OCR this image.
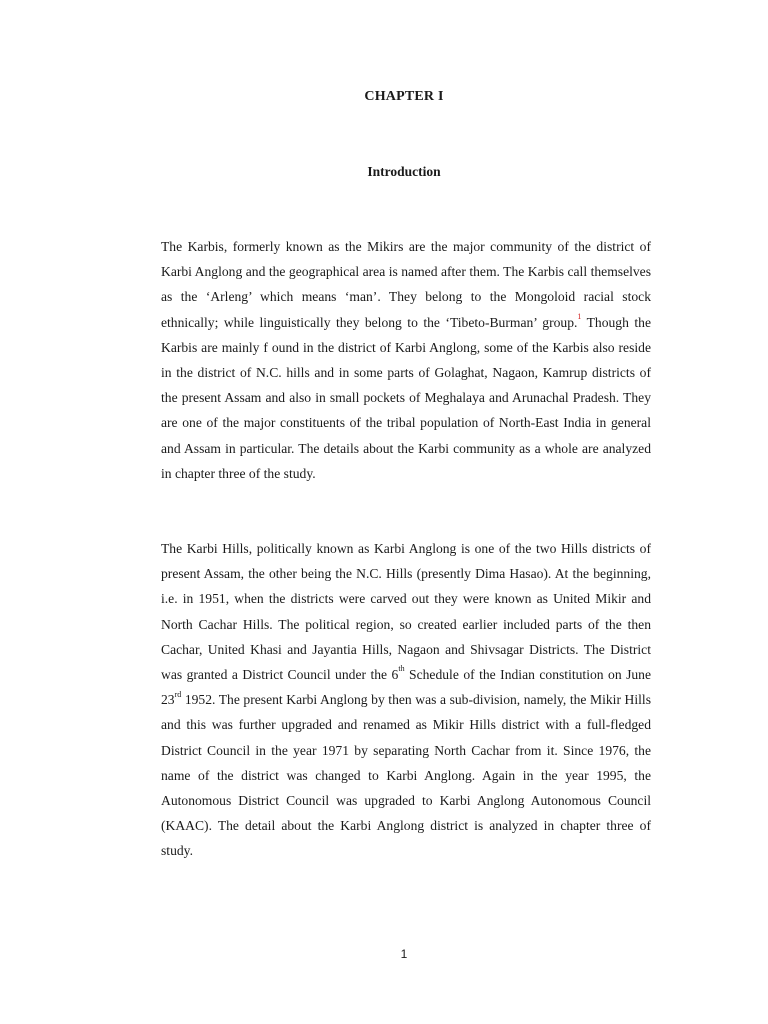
CHAPTER I
Introduction

The Karbis, formerly known as the Mikirs are the major community of the district of Karbi Anglong and the geographical area is named after them. The Karbis call themselves as the ‘Arleng’ which means ‘man’. They belong to the Mongoloid racial stock ethnically; while linguistically they belong to the ‘Tibeto-Burman’ group.$^1$ Though the Karbis are mainly f ound in the district of Karbi Anglong, some of the Karbis also reside in the district of N.C. hills and in some parts of Golaghat, Nagaon, Kamrup districts of the present Assam and also in small pockets of Meghalaya and Arunachal Pradesh. They are one of the major constituents of the tribal population of North-East India in general and Assam in particular. The details about the Karbi community as a whole are analyzed in chapter three of the study.

The Karbi Hills, politically known as Karbi Anglong is one of the two Hills districts of present Assam, the other being the N.C. Hills (presently Dima Hasao). At the beginning, i.e. in 1951, when the districts were carved out they were known as United Mikir and North Cachar Hills. The political region, so created earlier included parts of the then Cachar, United Khasi and Jayantia Hills, Nagaon and Shivsagar Districts. The District was granted a District Council under the 6th Schedule of the Indian constitution on June 23rd 1952. The present Karbi Anglong by then was a sub-division, namely, the Mikir Hills and this was further upgraded and renamed as Mikir Hills district with a full-fledged District Council in the year 1971 by separating North Cachar from it. Since 1976, the name of the district was changed to Karbi Anglong. Again in the year 1995, the Autonomous District Council was upgraded to Karbi Anglong Autonomous Council (KAAC). The detail about the Karbi Anglong district is analyzed in chapter three of study.

1
